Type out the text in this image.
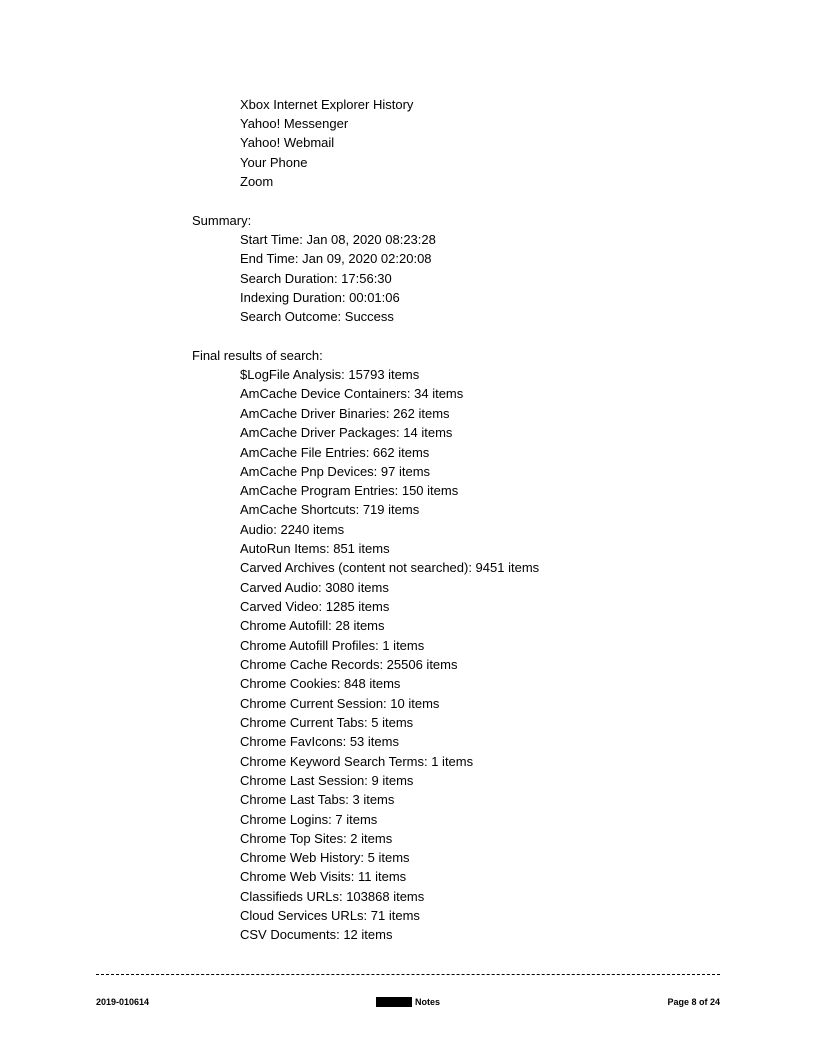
Xbox Internet Explorer History
Yahoo! Messenger
Yahoo! Webmail
Your Phone
Zoom
Summary:
Start Time: Jan 08, 2020 08:23:28
End Time: Jan 09, 2020 02:20:08
Search Duration: 17:56:30
Indexing Duration: 00:01:06
Search Outcome: Success
Final results of search:
$LogFile Analysis: 15793 items
AmCache Device Containers: 34 items
AmCache Driver Binaries: 262 items
AmCache Driver Packages: 14 items
AmCache File Entries: 662 items
AmCache Pnp Devices: 97 items
AmCache Program Entries: 150 items
AmCache Shortcuts: 719 items
Audio: 2240 items
AutoRun Items: 851 items
Carved Archives (content not searched): 9451 items
Carved Audio: 3080 items
Carved Video: 1285 items
Chrome Autofill: 28 items
Chrome Autofill Profiles: 1 items
Chrome Cache Records: 25506 items
Chrome Cookies: 848 items
Chrome Current Session: 10 items
Chrome Current Tabs: 5 items
Chrome FavIcons: 53 items
Chrome Keyword Search Terms: 1 items
Chrome Last Session: 9 items
Chrome Last Tabs: 3 items
Chrome Logins: 7 items
Chrome Top Sites: 2 items
Chrome Web History: 5 items
Chrome Web Visits: 11 items
Classifieds URLs: 103868 items
Cloud Services URLs: 71 items
CSV Documents: 12 items
2019-010614	Notes	Page 8 of 24
